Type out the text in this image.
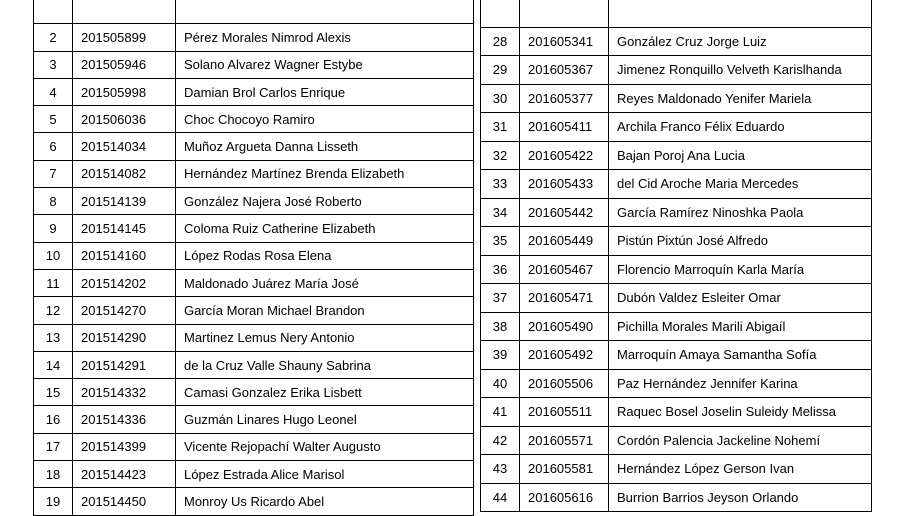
2	201505899	Pérez Morales Nimrod Alexis
3	201505946	Solano Alvarez Wagner Estybe
4	201505998	Damian Brol Carlos Enrique
5	201506036	Choc Chocoyo Ramiro
6	201514034	Muñoz Argueta Danna Lisseth
7	201514082	Hernández Martínez Brenda Elizabeth
8	201514139	González Najera José Roberto
9	201514145	Coloma Ruiz Catherine Elizabeth
10	201514160	López Rodas Rosa Elena
11	201514202	Maldonado Juárez María José
12	201514270	García Moran Michael Brandon
13	201514290	Martinez Lemus Nery Antonio
14	201514291	de la Cruz Valle Shauny Sabrina
15	201514332	Camasi Gonzalez Erika Lisbett
16	201514336	Guzmán Linares Hugo Leonel
17	201514399	Vicente Rejopachí Walter Augusto
18	201514423	López Estrada Alice Marisol
19	201514450	Monroy Us Ricardo Abel

28	201605341	González Cruz Jorge Luiz
29	201605367	Jimenez Ronquillo Velveth Karislhanda
30	201605377	Reyes Maldonado Yenifer Mariela
31	201605411	Archila Franco Félix Eduardo
32	201605422	Bajan Poroj Ana Lucia
33	201605433	del Cid Aroche Maria Mercedes
34	201605442	García Ramírez Ninoshka Paola
35	201605449	Pistún Pixtún José Alfredo
36	201605467	Florencio Marroquín Karla María
37	201605471	Dubón Valdez Esleiter Omar
38	201605490	Pichilla Morales Marili Abigaíl
39	201605492	Marroquín Amaya Samantha Sofía
40	201605506	Paz Hernández Jennifer Karina
41	201605511	Raquec Bosel Joselin Suleidy Melissa
42	201605571	Cordón Palencia Jackeline Nohemí
43	201605581	Hernández López Gerson Ivan
44	201605616	Burrion Barrios Jeyson Orlando
